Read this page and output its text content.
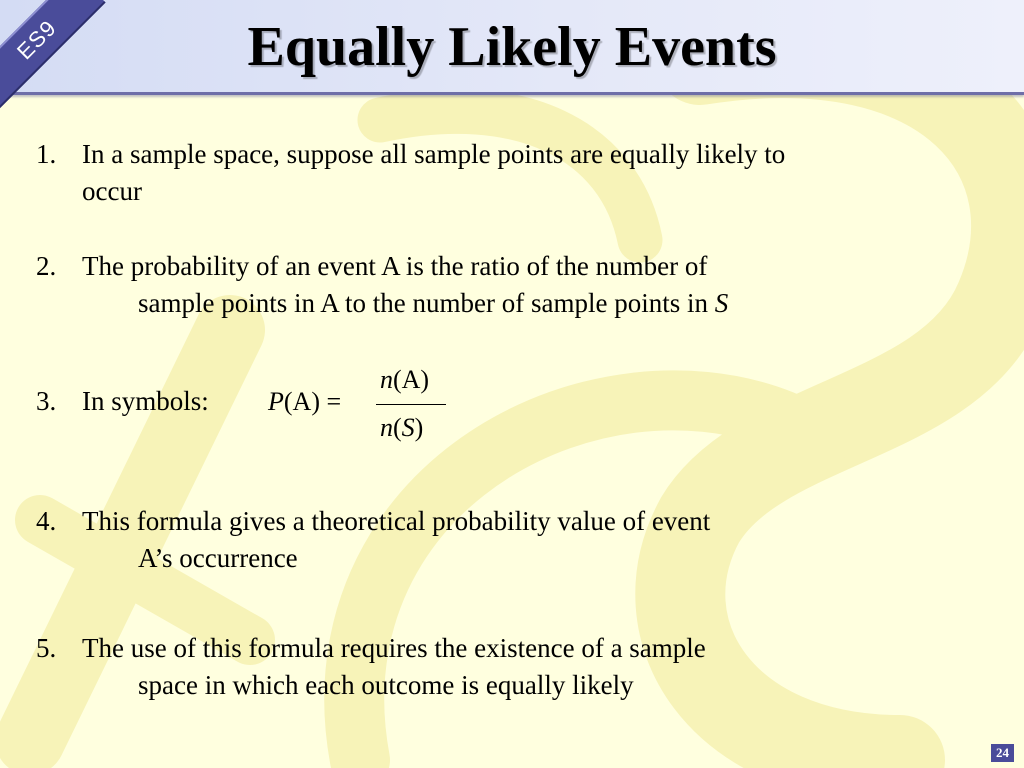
Equally Likely Events
ES9
1. In a sample space, suppose all sample points are equally likely to
occur
2. The probability of an event A is the ratio of the number of
sample points in A to the number of sample points in S
3. In symbols: P(A) =
n(A)
n(S)
4. This formula gives a theoretical probability value of event
A’s occurrence
5. The use of this formula requires the existence of a sample
space in which each outcome is equally likely
24
